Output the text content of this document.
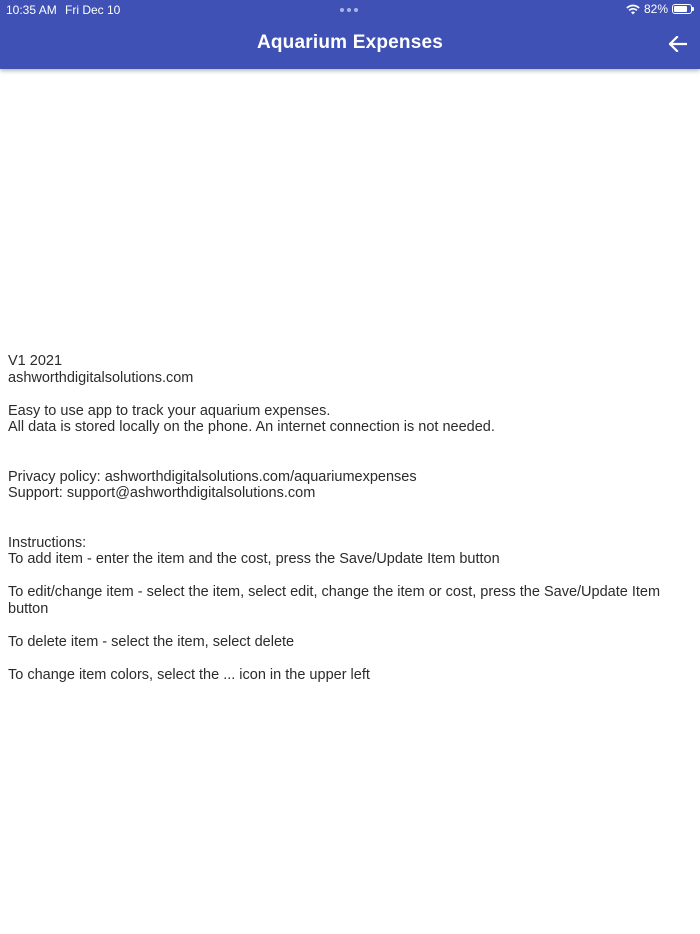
10:35 AM Fri Dec 10	82%
Aquarium Expenses

V1 2021

ashworthdigitalsolutions.com

Easy to use app to track your aquarium expenses.

All data is stored locally on the phone. An internet connection is not needed.

Privacy policy: ashworthdigitalsolutions.com/aquariumexpenses

Support: support@ashworthdigitalsolutions.com

Instructions:

To add item - enter the item and the cost, press the Save/Update Item button

To edit/change item - select the item, select edit, change the item or cost, press the Save/Update Item button

To delete item - select the item, select delete

To change item colors, select the ... icon in the upper left
